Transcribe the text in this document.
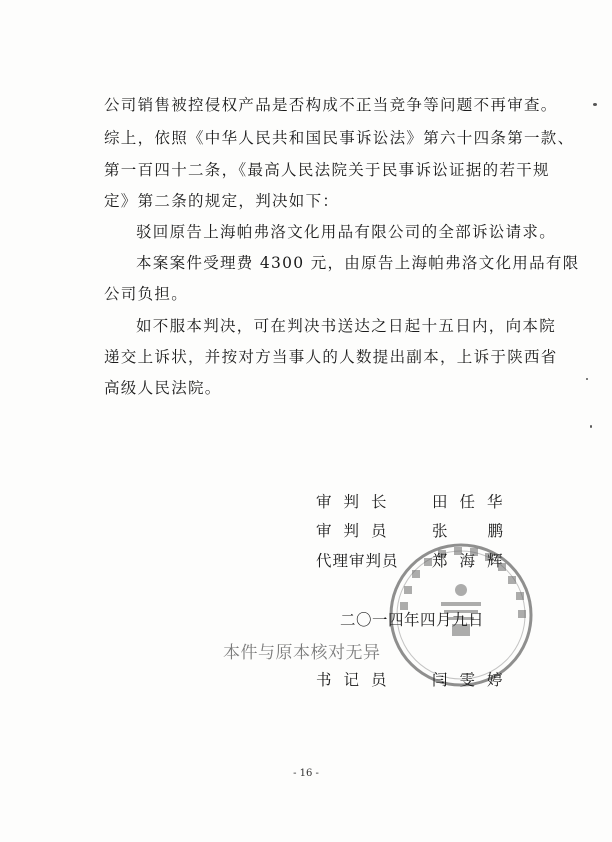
公司销售被控侵权产品是否构成不正当竞争等问题不再审查。
综上，依照《中华人民共和国民事诉讼法》第六十四条第一款、
第一百四十二条，《最高人民法院关于民事诉讼证据的若干规
定》第二条的规定，判决如下：
驳回原告上海帕弗洛文化用品有限公司的全部诉讼请求。
本案案件受理费 4300 元，由原告上海帕弗洛文化用品有限
公司负担。
如不服本判决，可在判决书送达之日起十五日内，向本院
递交上诉状，并按对方当事人的人数提出副本，上诉于陕西省
高级人民法院。
审判长 田任华
审判员 张鹏
代理审判员 郑海辉
二〇一四年四月九日
本件与原本核对无异
书记员 闫雯婷
- 16 -
